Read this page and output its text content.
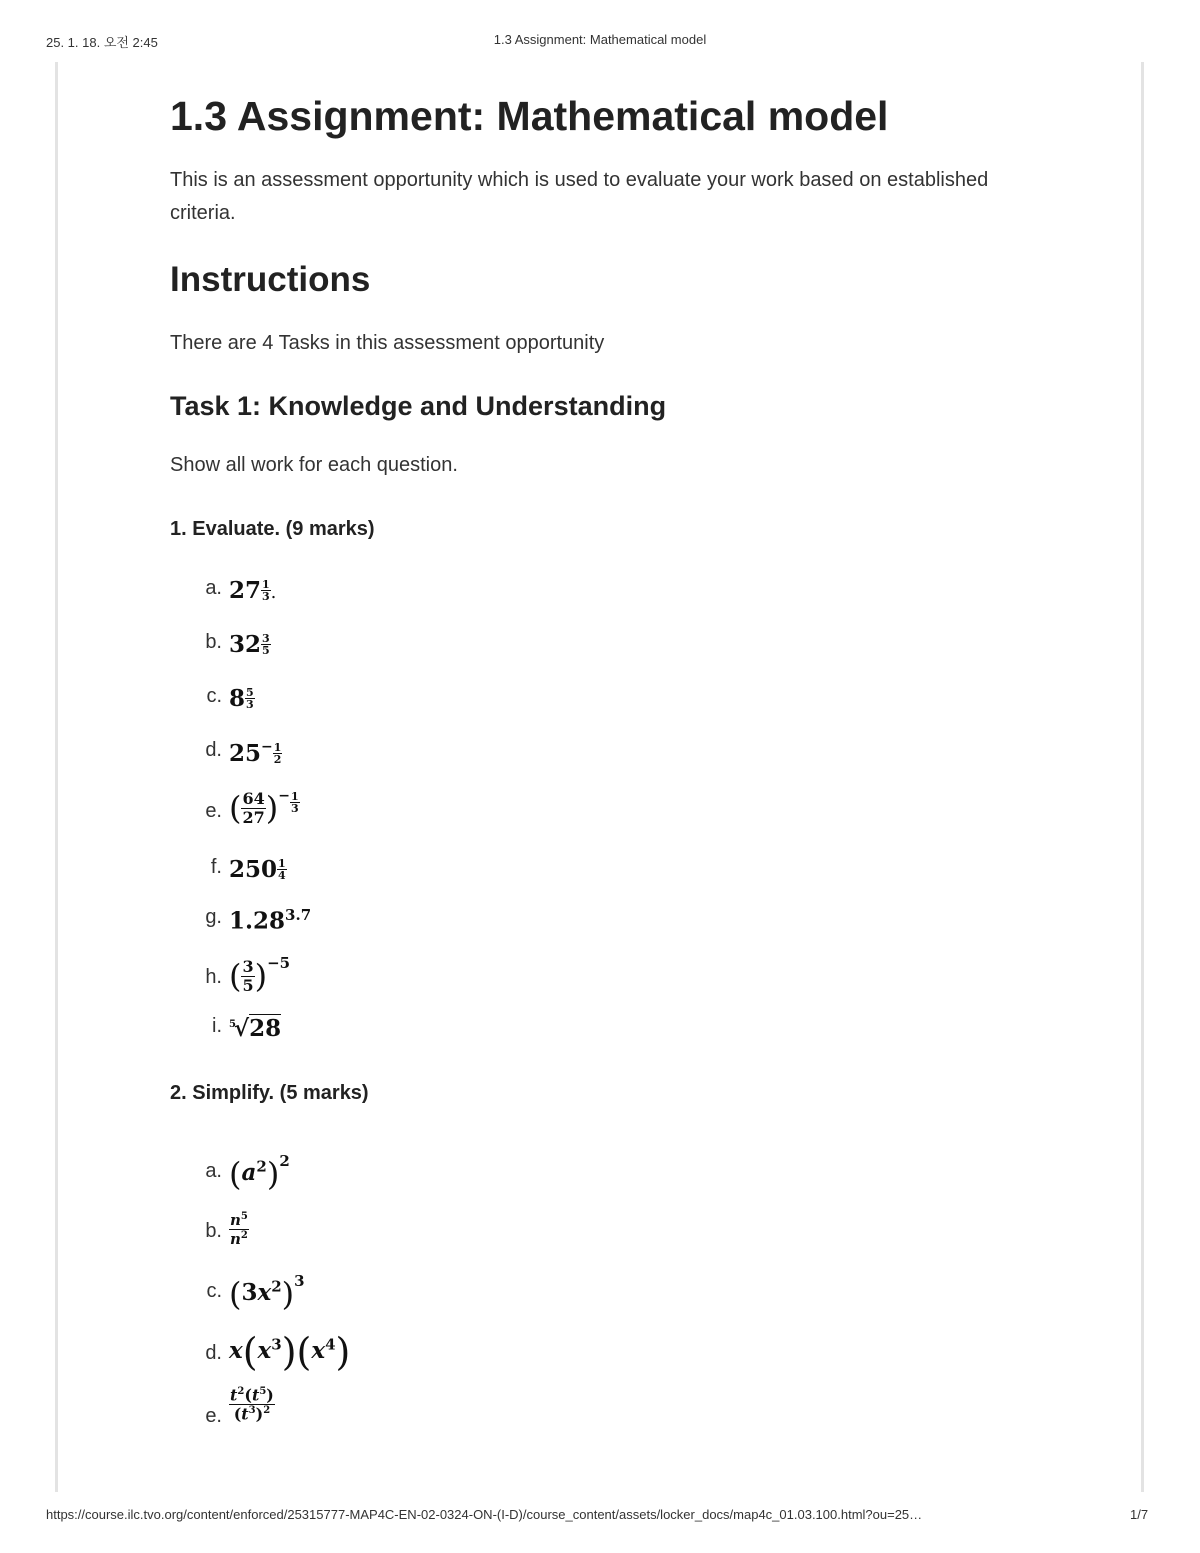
25. 1. 18. 오전 2:45	1.3 Assignment: Mathematical model
1.3 Assignment: Mathematical model

This is an assessment opportunity which is used to evaluate your work based on established criteria.

Instructions

There are 4 Tasks in this assessment opportunity

Task 1: Knowledge and Understanding

Show all work for each question.

1. Evaluate. (9 marks)
a. $27 \frac{1}{3}$ .
b. $32 \frac{3}{5}$
c. $8 \frac{5}{3}$
d. $25^- \frac{1}{2}$
e. ( $\frac{64}{27} )^- \frac{1}{3}$
f. $250 \frac{1}{4}$
g. $1.28^{3.7}$
h. ( $\frac{3}{5} )^{-5}$
i. $^5$√28
2. Simplify. (5 marks)
a. $(a^2)^2$
b. $\frac{n^5}{n^2}$
c. $(3x^2)^3$
d. $x(x^3)(x^4)$
e. $\frac{t^2(t^5)}{(t^3)^2}$
https://course.ilc.tvo.org/content/enforced/25315777-MAP4C-EN-02-0324-ON-(I-D)/course_content/assets/locker_docs/map4c_01.03.100.html?ou=25…	1/7
